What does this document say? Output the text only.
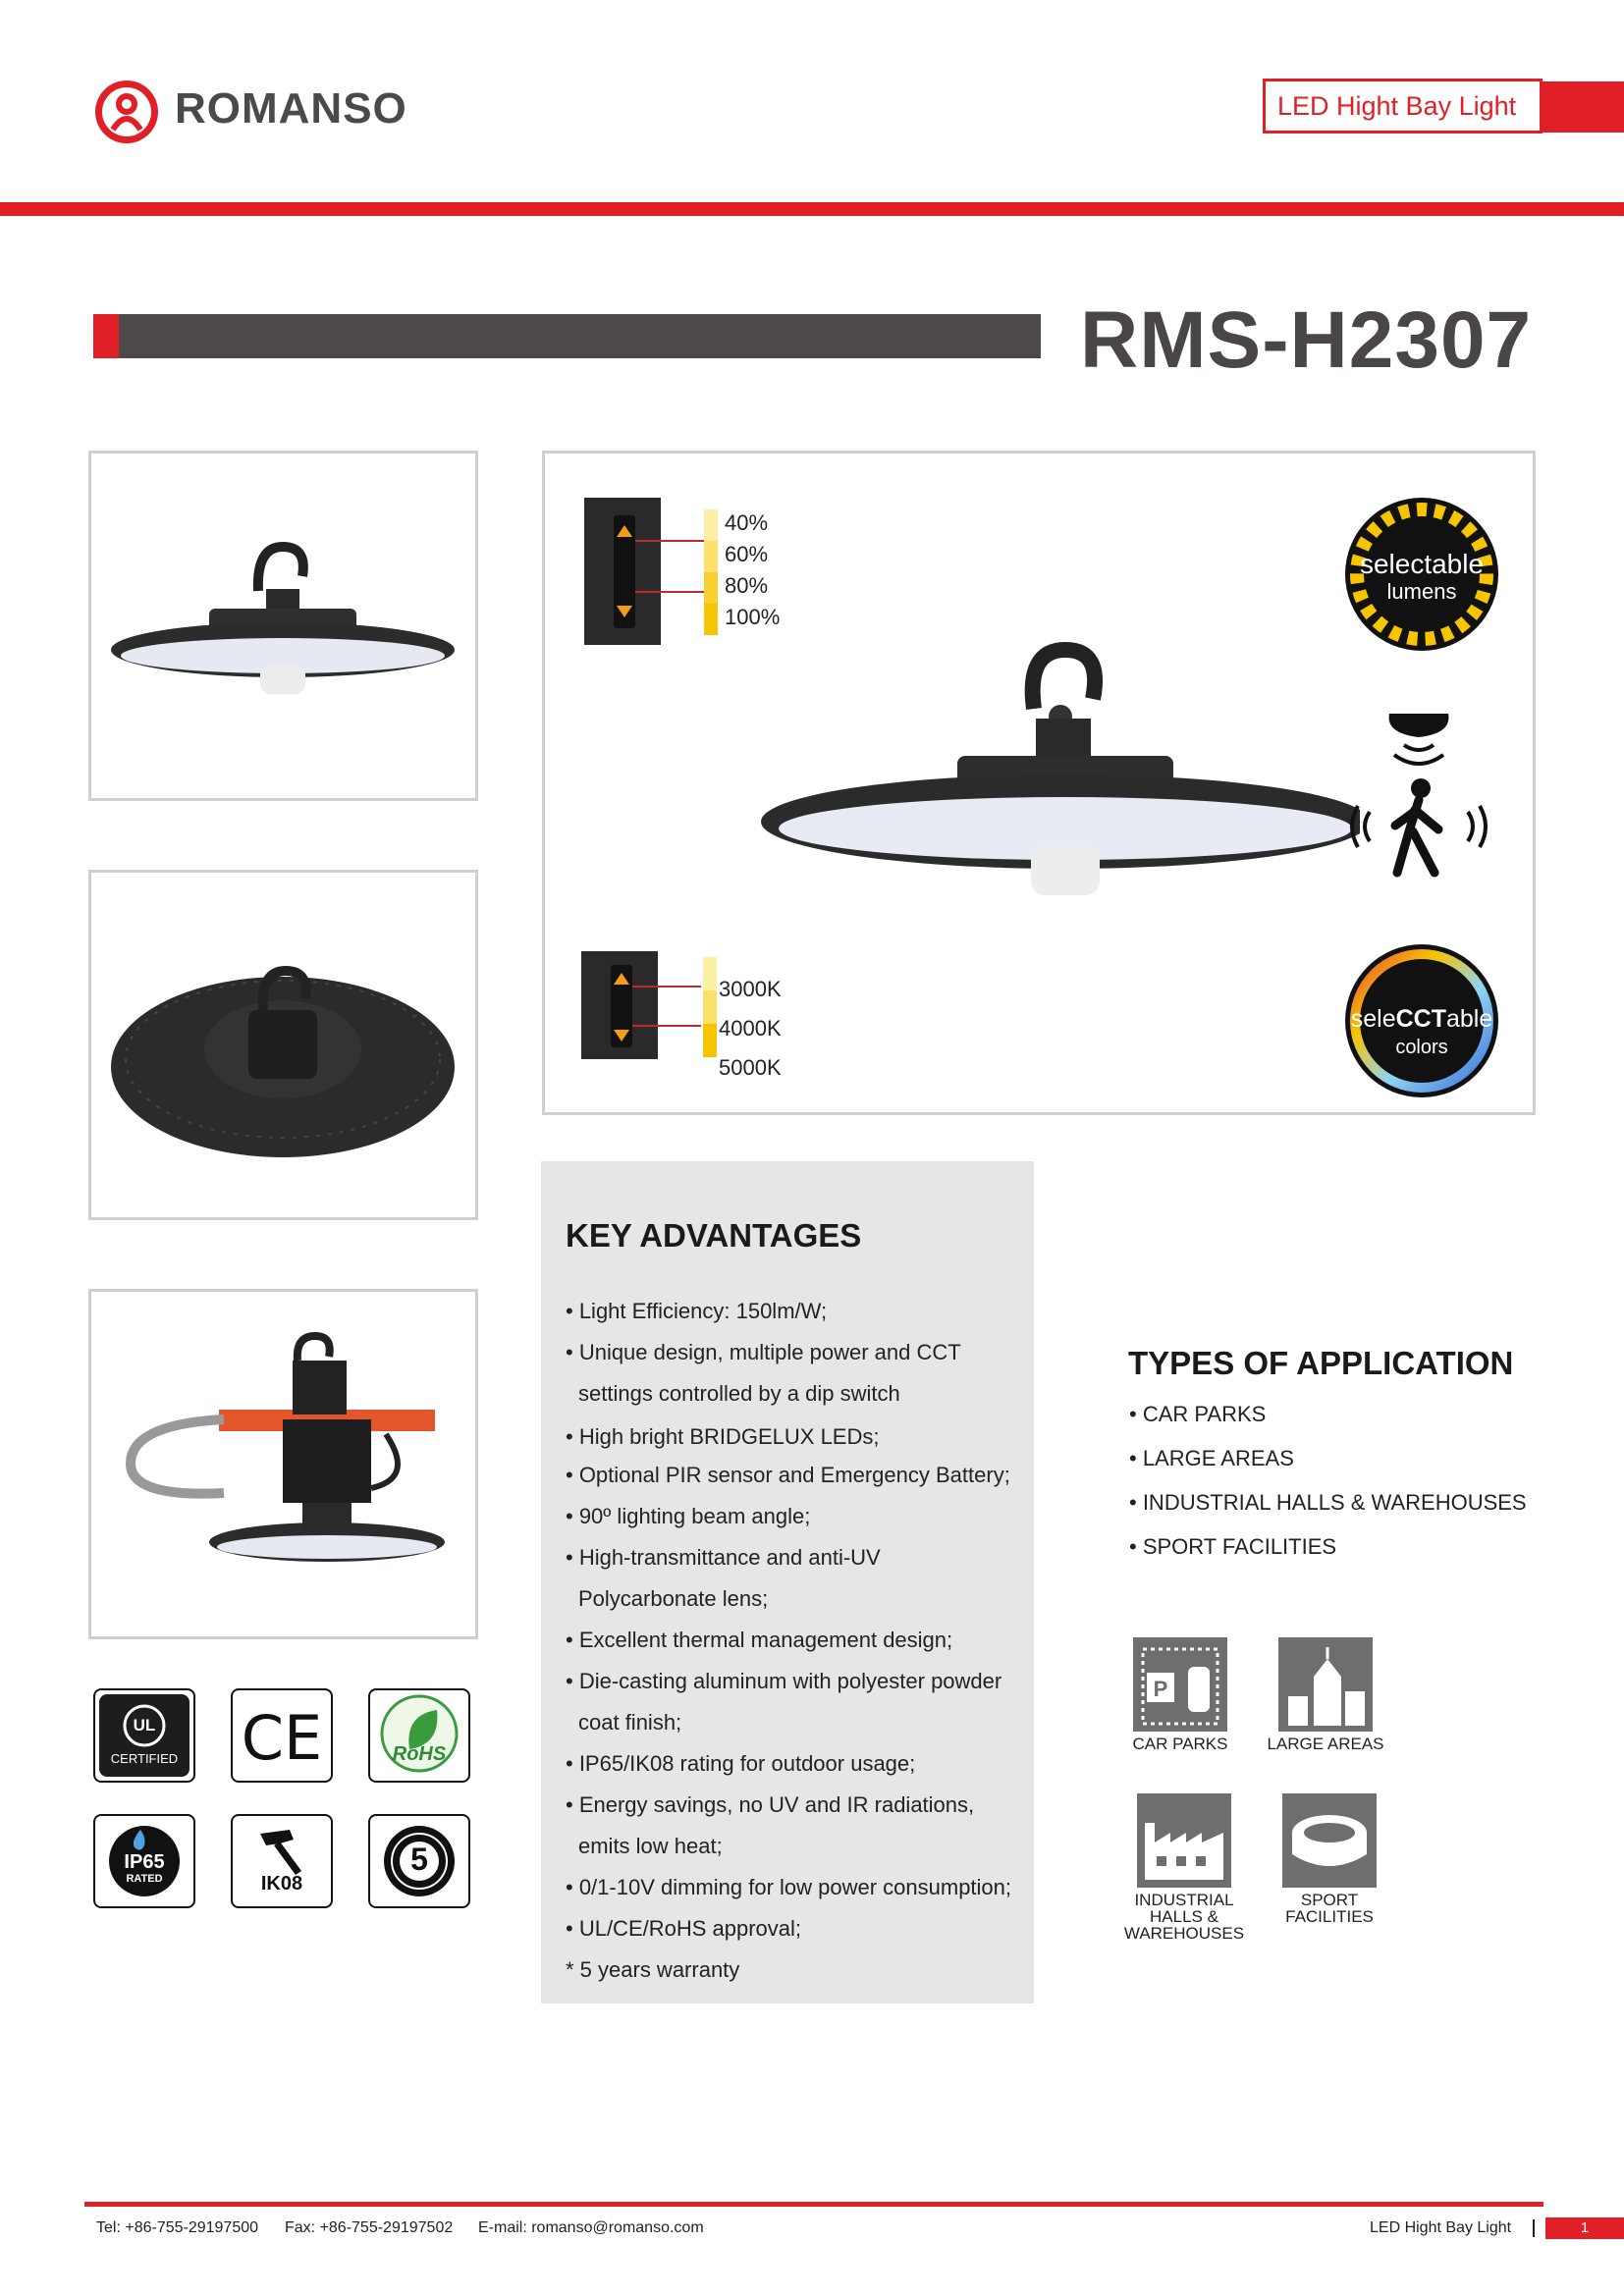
ROMANSO	LED Hight Bay Light
RMS-H2307
UL
CERTIFIED CE	RoHS
IP65
RATED	IK08
5
40%
60%
80%
100%
3000K
4000K
5000K
selectable
lumens
seleCCTable
colors
KEY ADVANTAGES
• Light Efficiency: 150lm/W;
• Unique design, multiple power and CCT
settings controlled by a dip switch
• High bright BRIDGELUX LEDs;
• Optional PIR sensor and Emergency Battery;
• 90º lighting beam angle;
• High-transmittance and anti-UV
Polycarbonate lens;
• Excellent thermal management design;
• Die-casting aluminum with polyester powder
coat finish;
• IP65/IK08 rating for outdoor usage;
• Energy savings, no UV and IR radiations,
emits low heat;
• 0/1-10V dimming for low power consumption;
• UL/CE/RoHS approval;
* 5 years warranty
TYPES OF APPLICATION
• CAR PARKS
• LARGE AREAS
• INDUSTRIAL HALLS & WAREHOUSES
• SPORT FACILITIES
P
CAR PARKS	LARGE AREAS
INDUSTRIAL
HALLS &
WAREHOUSES
SPORT
FACILITIES
Tel: +86-755-29197500 Fax: +86-755-29197502 E-mail: romanso@romanso.com	LED Hight Bay Light	1
